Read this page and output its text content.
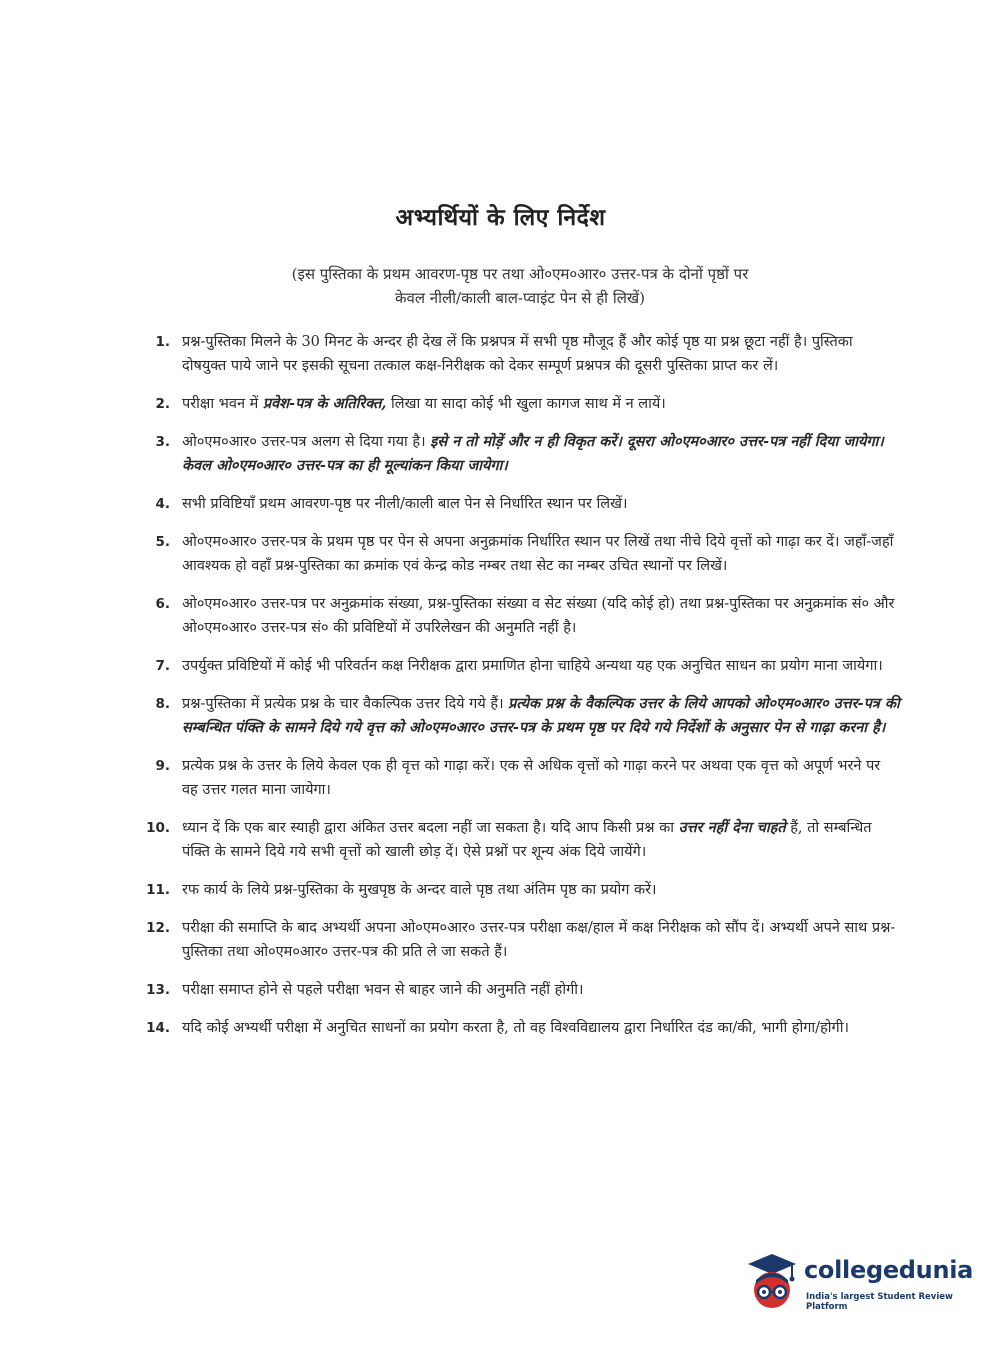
अभ्यर्थियों के लिए निर्देश
(इस पुस्तिका के प्रथम आवरण-पृष्ठ पर तथा ओ०एम०आर० उत्तर-पत्र के दोनों पृष्ठों पर
केवल नीली/काली बाल-प्वाइंट पेन से ही लिखें)
1. प्रश्न-पुस्तिका मिलने के 30 मिनट के अन्दर ही देख लें कि प्रश्नपत्र में सभी पृष्ठ मौजूद हैं और कोई पृष्ठ या प्रश्न छूटा नहीं है। पुस्तिका दोषयुक्त पाये जाने पर इसकी सूचना तत्काल कक्ष-निरीक्षक को देकर सम्पूर्ण प्रश्नपत्र की दूसरी पुस्तिका प्राप्त कर लें।
2. परीक्षा भवन में प्रवेश-पत्र के अतिरिक्त, लिखा या सादा कोई भी खुला कागज साथ में न लायें।
3. ओ०एम०आर० उत्तर-पत्र अलग से दिया गया है। इसे न तो मोड़ें और न ही विकृत करें। दूसरा ओ०एम०आर० उत्तर-पत्र नहीं दिया जायेगा। केवल ओ०एम०आर० उत्तर-पत्र का ही मूल्यांकन किया जायेगा।
4. सभी प्रविष्टियाँ प्रथम आवरण-पृष्ठ पर नीली/काली बाल पेन से निर्धारित स्थान पर लिखें।
5. ओ०एम०आर० उत्तर-पत्र के प्रथम पृष्ठ पर पेन से अपना अनुक्रमांक निर्धारित स्थान पर लिखें तथा नीचे दिये वृत्तों को गाढ़ा कर दें। जहाँ-जहाँ आवश्यक हो वहाँ प्रश्न-पुस्तिका का क्रमांक एवं केन्द्र कोड नम्बर तथा सेट का नम्बर उचित स्थानों पर लिखें।
6. ओ०एम०आर० उत्तर-पत्र पर अनुक्रमांक संख्या, प्रश्न-पुस्तिका संख्या व सेट संख्या (यदि कोई हो) तथा प्रश्न-पुस्तिका पर अनुक्रमांक सं० और ओ०एम०आर० उत्तर-पत्र सं० की प्रविष्टियों में उपरिलेखन की अनुमति नहीं है।
7. उपर्युक्त प्रविष्टियों में कोई भी परिवर्तन कक्ष निरीक्षक द्वारा प्रमाणित होना चाहिये अन्यथा यह एक अनुचित साधन का प्रयोग माना जायेगा।
8. प्रश्न-पुस्तिका में प्रत्येक प्रश्न के चार वैकल्पिक उत्तर दिये गये हैं। प्रत्येक प्रश्न के वैकल्पिक उत्तर के लिये आपको ओ०एम०आर० उत्तर-पत्र की सम्बन्धित पंक्ति के सामने दिये गये वृत्त को ओ०एम०आर० उत्तर-पत्र के प्रथम पृष्ठ पर दिये गये निर्देशों के अनुसार पेन से गाढ़ा करना है।
9. प्रत्येक प्रश्न के उत्तर के लिये केवल एक ही वृत्त को गाढ़ा करें। एक से अधिक वृत्तों को गाढ़ा करने पर अथवा एक वृत्त को अपूर्ण भरने पर वह उत्तर गलत माना जायेगा।
10. ध्यान दें कि एक बार स्याही द्वारा अंकित उत्तर बदला नहीं जा सकता है। यदि आप किसी प्रश्न का उत्तर नहीं देना चाहते हैं, तो सम्बन्धित पंक्ति के सामने दिये गये सभी वृत्तों को खाली छोड़ दें। ऐसे प्रश्नों पर शून्य अंक दिये जायेंगे।
11. रफ कार्य के लिये प्रश्न-पुस्तिका के मुखपृष्ठ के अन्दर वाले पृष्ठ तथा अंतिम पृष्ठ का प्रयोग करें।
12. परीक्षा की समाप्ति के बाद अभ्यर्थी अपना ओ०एम०आर० उत्तर-पत्र परीक्षा कक्ष/हाल में कक्ष निरीक्षक को सौंप दें। अभ्यर्थी अपने साथ प्रश्न-पुस्तिका तथा ओ०एम०आर० उत्तर-पत्र की प्रति ले जा सकते हैं।
13. परीक्षा समाप्त होने से पहले परीक्षा भवन से बाहर जाने की अनुमति नहीं होगी।
14. यदि कोई अभ्यर्थी परीक्षा में अनुचित साधनों का प्रयोग करता है, तो वह विश्वविद्यालय द्वारा निर्धारित दंड का/की, भागी होगा/होगी।
collegedunia
India's largest Student Review Platform
